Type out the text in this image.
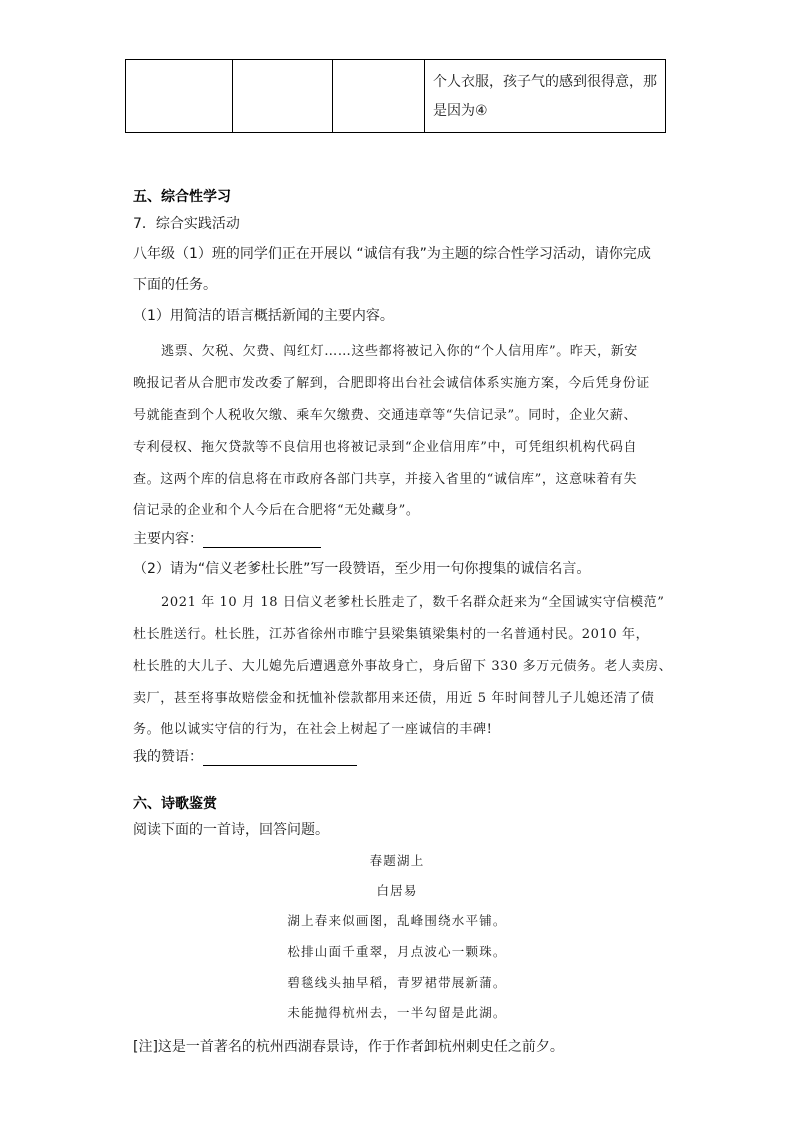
个人衣服，孩子气的感到很得意，那
是因为④
五、综合性学习
7．综合实践活动
八年级（1）班的同学们正在开展以 “诚信有我”为主题的综合性学习活动，请你完成
下面的任务。
（1）用简洁的语言概括新闻的主要内容。
逃票、欠税、欠费、闯红灯……这些都将被记入你的“个人信用库”。昨天，新安
晚报记者从合肥市发改委了解到，合肥即将出台社会诚信体系实施方案，今后凭身份证
号就能查到个人税收欠缴、乘车欠缴费、交通违章等“失信记录”。同时，企业欠薪、
专利侵权、拖欠贷款等不良信用也将被记录到“企业信用库”中，可凭组织机构代码自
查。这两个库的信息将在市政府各部门共享，并接入省里的“诚信库”，这意味着有失
信记录的企业和个人今后在合肥将“无处藏身”。
主要内容：
（2）请为“信义老爹杜长胜”写一段赞语，至少用一句你搜集的诚信名言。
2021 年 10 月 18 日信义老爹杜长胜走了，数千名群众赶来为“全国诚实守信模范”
杜长胜送行。杜长胜，江苏省徐州市睢宁县梁集镇梁集村的一名普通村民。2010 年，
杜长胜的大儿子、大儿媳先后遭遇意外事故身亡，身后留下 330 多万元债务。老人卖房、
卖厂，甚至将事故赔偿金和抚恤补偿款都用来还债，用近 5 年时间替儿子儿媳还清了债
务。他以诚实守信的行为，在社会上树起了一座诚信的丰碑!
我的赞语：
六、诗歌鉴赏
阅读下面的一首诗，回答问题。
春题湖上
白居易
湖上春来似画图，乱峰围绕水平铺。
松排山面千重翠，月点波心一颗珠。
碧毯线头抽早稻，青罗裙带展新蒲。
未能抛得杭州去，一半勾留是此湖。
[注]这是一首著名的杭州西湖春景诗，作于作者卸杭州刺史任之前夕。
